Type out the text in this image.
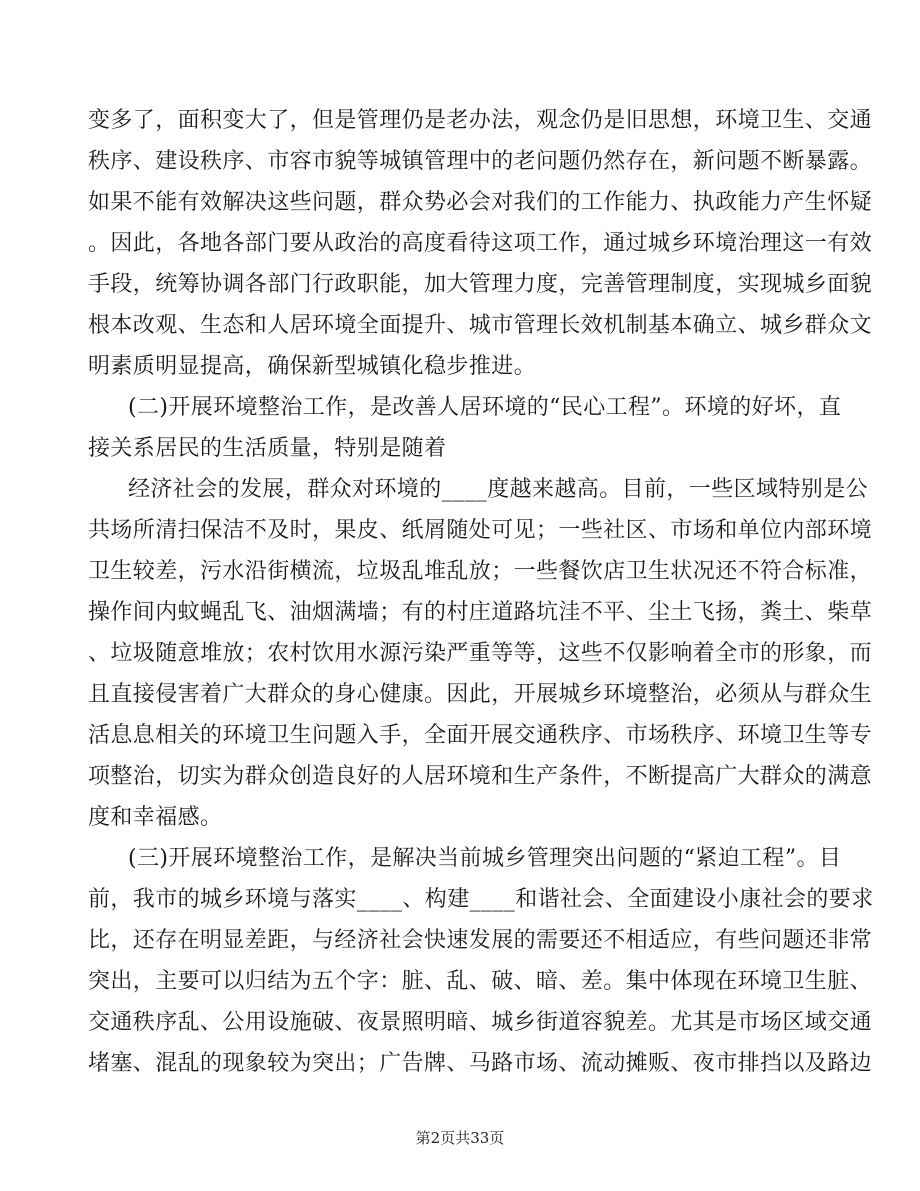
变多了，面积变大了，但是管理仍是老办法，观念仍是旧思想，环境卫生、交通
秩序、建设秩序、市容市貌等城镇管理中的老问题仍然存在，新问题不断暴露。
如果不能有效解决这些问题，群众势必会对我们的工作能力、执政能力产生怀疑
。因此，各地各部门要从政治的高度看待这项工作，通过城乡环境治理这一有效
手段，统筹协调各部门行政职能，加大管理力度，完善管理制度，实现城乡面貌
根本改观、生态和人居环境全面提升、城市管理长效机制基本确立、城乡群众文
明素质明显提高，确保新型城镇化稳步推进。
(二)开展环境整治工作，是改善人居环境的“民心工程”。环境的好坏，直
接关系居民的生活质量，特别是随着
经济社会的发展，群众对环境的____度越来越高。目前，一些区域特别是公
共场所清扫保洁不及时，果皮、纸屑随处可见；一些社区、市场和单位内部环境
卫生较差，污水沿街横流，垃圾乱堆乱放；一些餐饮店卫生状况还不符合标准，
操作间内蚊蝇乱飞、油烟满墙；有的村庄道路坑洼不平、尘土飞扬，粪土、柴草
、垃圾随意堆放；农村饮用水源污染严重等等，这些不仅影响着全市的形象，而
且直接侵害着广大群众的身心健康。因此，开展城乡环境整治，必须从与群众生
活息息相关的环境卫生问题入手，全面开展交通秩序、市场秩序、环境卫生等专
项整治，切实为群众创造良好的人居环境和生产条件，不断提高广大群众的满意
度和幸福感。
(三)开展环境整治工作，是解决当前城乡管理突出问题的“紧迫工程”。目
前，我市的城乡环境与落实____、构建____和谐社会、全面建设小康社会的要求
比，还存在明显差距，与经济社会快速发展的需要还不相适应，有些问题还非常
突出，主要可以归结为五个字：脏、乱、破、暗、差。集中体现在环境卫生脏、
交通秩序乱、公用设施破、夜景照明暗、城乡街道容貌差。尤其是市场区域交通
堵塞、混乱的现象较为突出；广告牌、马路市场、流动摊贩、夜市排挡以及路边
第2页共33页
